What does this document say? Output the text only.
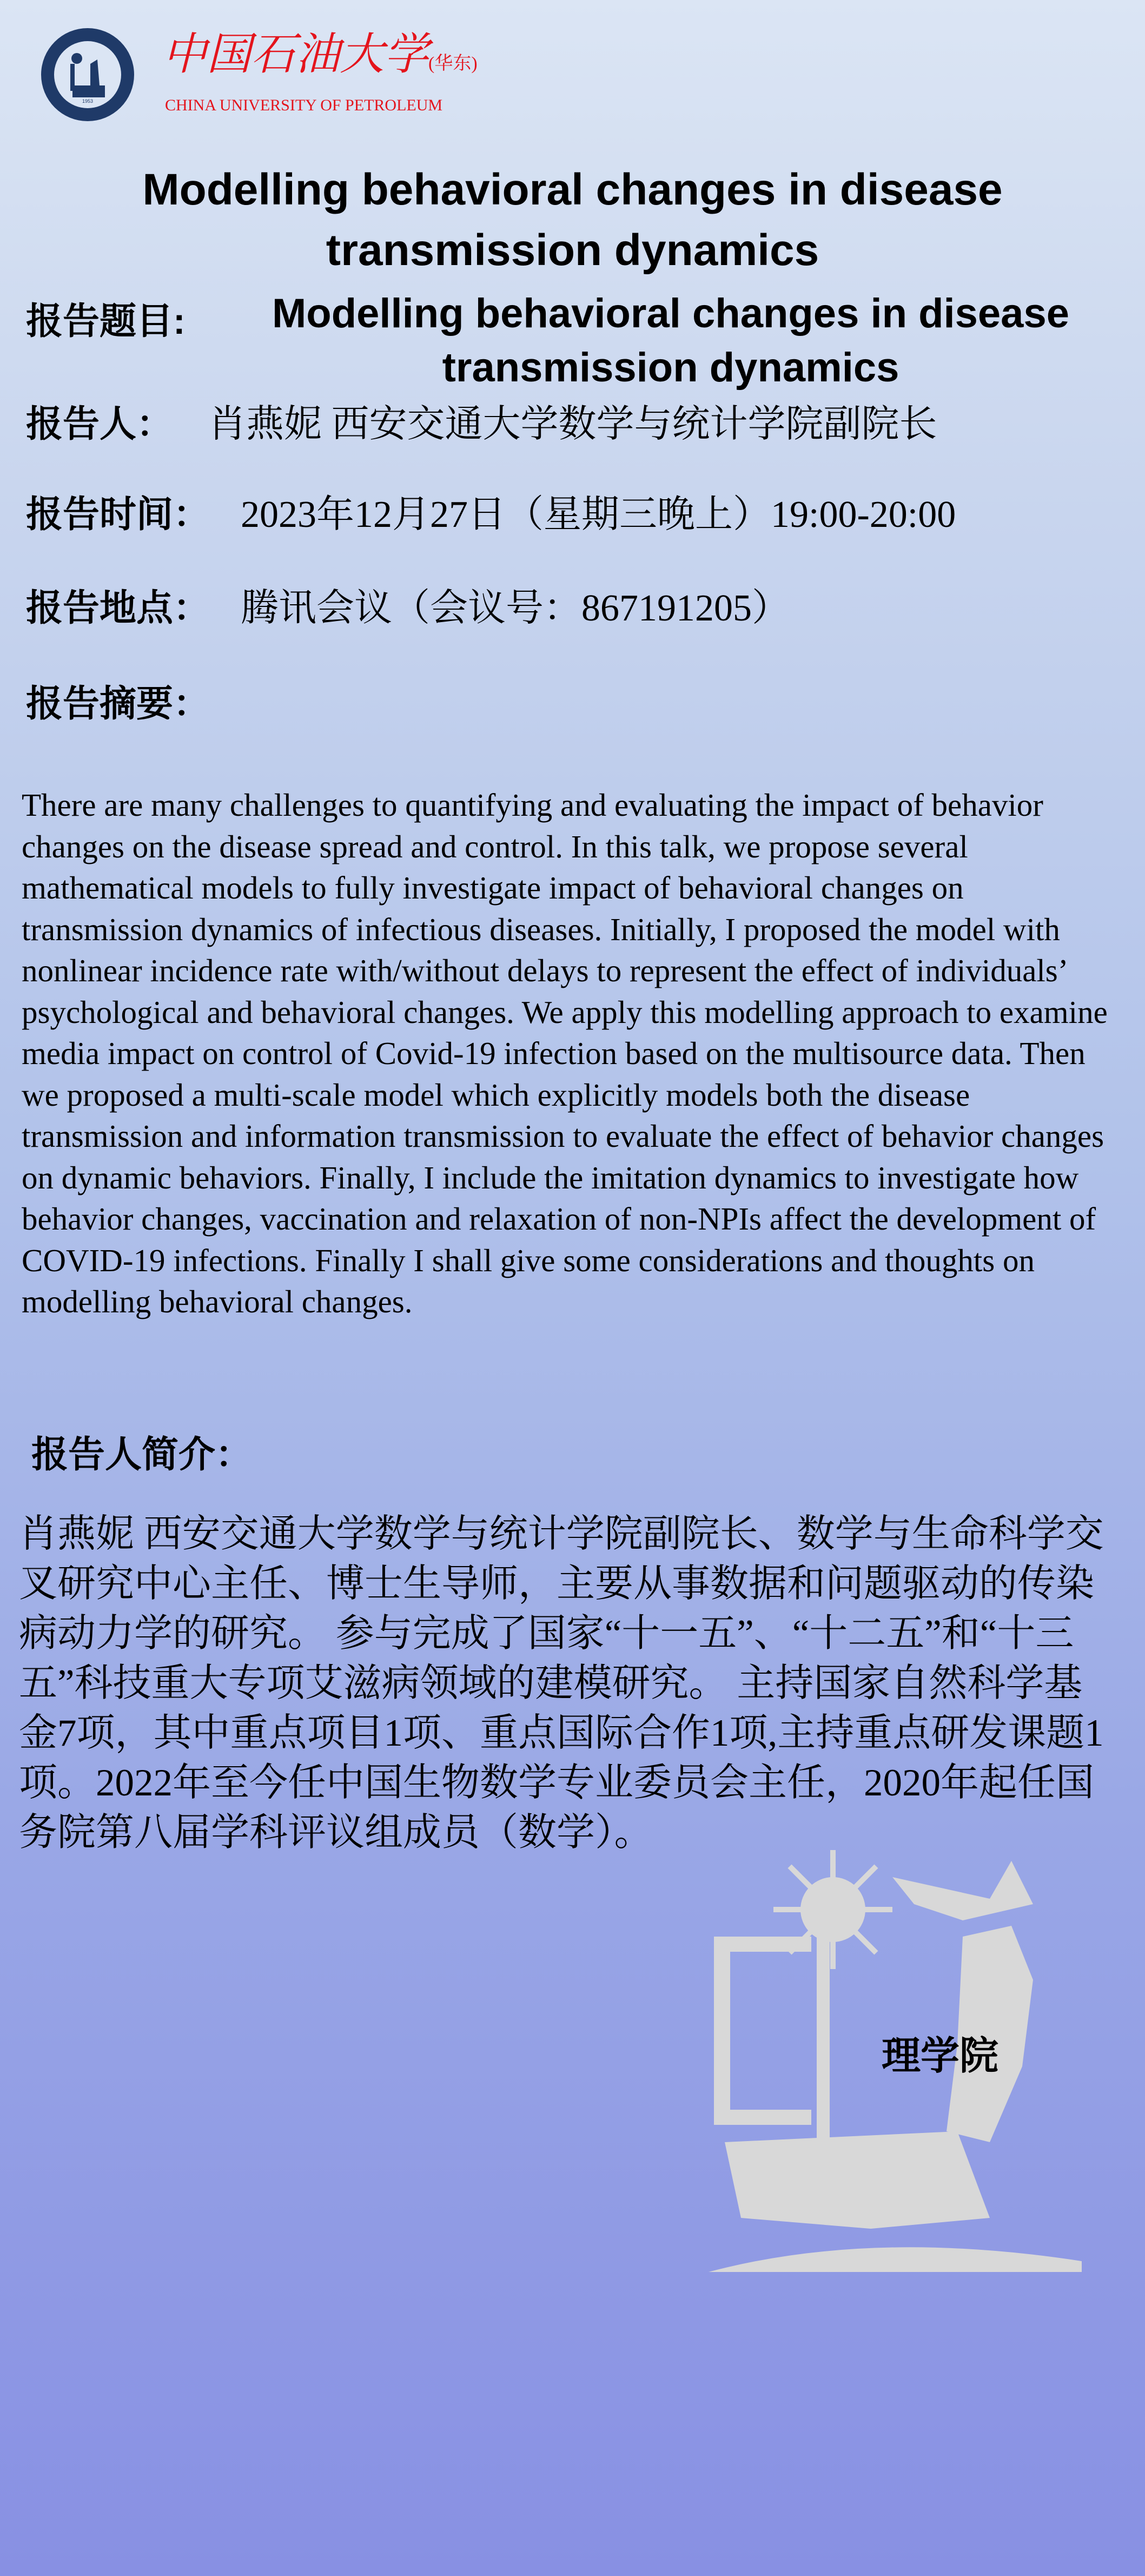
1953
中国石油大学(华东)
CHINA UNIVERSITY OF PETROLEUM
Modelling behavioral changes in disease
transmission dynamics
报告题目:	Modelling behavioral changes in disease
transmission dynamics
报告人： 肖燕妮 西安交通大学数学与统计学院副院长
报告时间： 2023年12月27日（星期三晚上）19:00-20:00
报告地点： 腾讯会议（会议号：867191205）
报告摘要：
There are many challenges to quantifying and evaluating the impact of behavior changes on the disease spread and control. In this talk, we propose several mathematical models to fully investigate impact of behavioral changes on transmission dynamics of infectious diseases. Initially, I proposed the model with nonlinear incidence rate with/without delays to represent the effect of individuals’ psychological and behavioral changes. We apply this modelling approach to examine media impact on control of Covid-19 infection based on the multisource data. Then we proposed a multi-scale model which explicitly models both the disease transmission and information transmission to evaluate the effect of behavior changes on dynamic behaviors. Finally, I include the imitation dynamics to investigate how behavior changes, vaccination and relaxation of non-NPIs affect the development of COVID-19 infections. Finally I shall give some considerations and thoughts on modelling behavioral changes.
报告人简介：
肖燕妮 西安交通大学数学与统计学院副院长、数学与生命科学交叉研究中心主任、博士生导师，主要从事数据和问题驱动的传染病动力学的研究。 参与完成了国家“十一五”、“十二五”和“十三五”科技重大专项艾滋病领域的建模研究。 主持国家自然科学基金7项，其中重点项目1项、重点国际合作1项,主持重点研发课题1项。2022年至今任中国生物数学专业委员会主任，2020年起任国务院第八届学科评议组成员（数学）。
理学院
